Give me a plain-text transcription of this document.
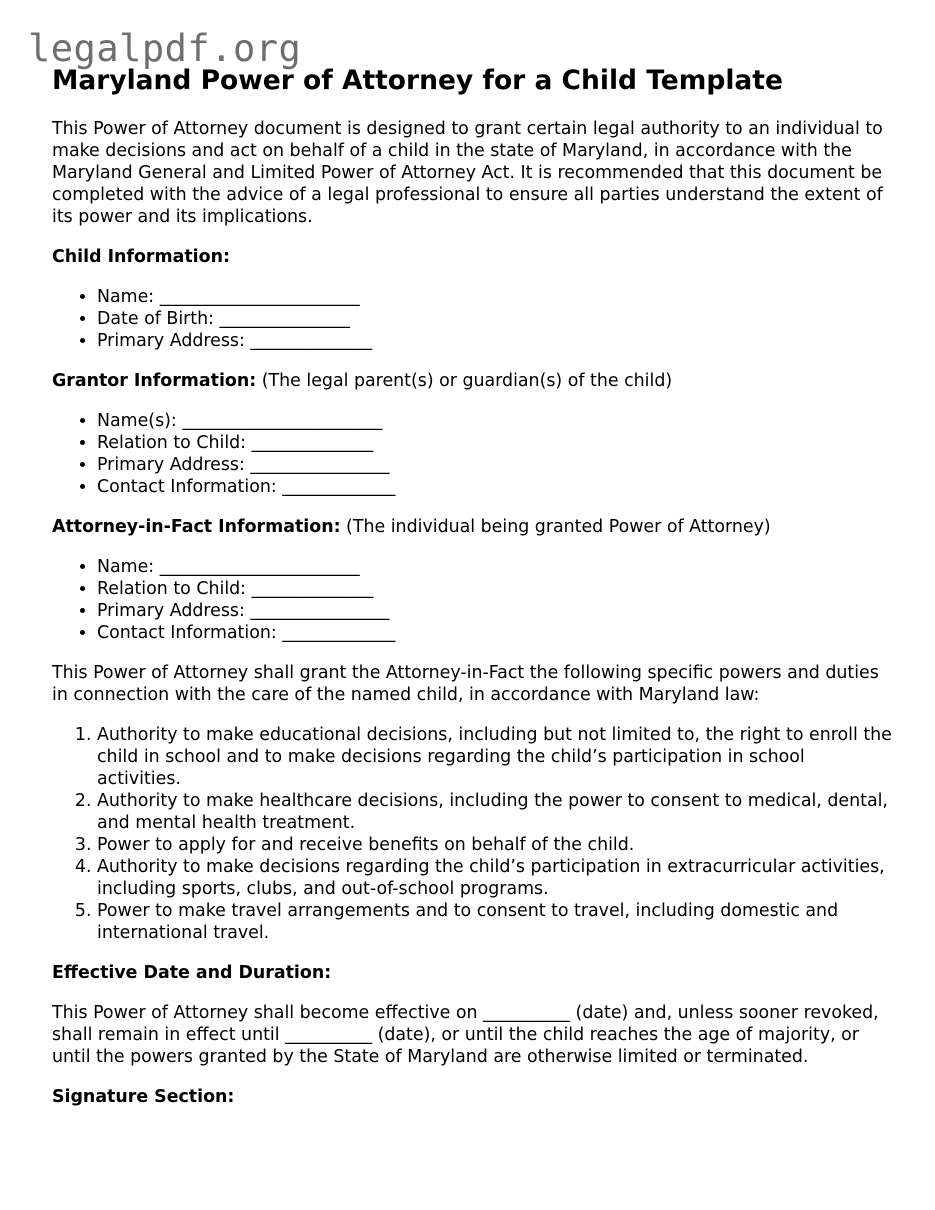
legalpdf.org
Maryland Power of Attorney for a Child Template

This Power of Attorney document is designed to grant certain legal authority to an individual to make decisions and act on behalf of a child in the state of Maryland, in accordance with the Maryland General and Limited Power of Attorney Act. It is recommended that this document be completed with the advice of a legal professional to ensure all parties understand the extent of its power and its implications.

Child Information:

• Name: _______________________
• Date of Birth: _______________
• Primary Address: ______________

Grantor Information: (The legal parent(s) or guardian(s) of the child)

• Name(s): _______________________
• Relation to Child: ______________
• Primary Address: ________________
• Contact Information: _____________

Attorney-in-Fact Information: (The individual being granted Power of Attorney)

• Name: _______________________
• Relation to Child: ______________
• Primary Address: ________________
• Contact Information: _____________

This Power of Attorney shall grant the Attorney-in-Fact the following specific powers and duties in connection with the care of the named child, in accordance with Maryland law:

1. Authority to make educational decisions, including but not limited to, the right to enroll the child in school and to make decisions regarding the child’s participation in school activities.
2. Authority to make healthcare decisions, including the power to consent to medical, dental, and mental health treatment.
3. Power to apply for and receive benefits on behalf of the child.
4. Authority to make decisions regarding the child’s participation in extracurricular activities, including sports, clubs, and out-of-school programs.
5. Power to make travel arrangements and to consent to travel, including domestic and international travel.

Effective Date and Duration:

This Power of Attorney shall become effective on __________ (date) and, unless sooner revoked, shall remain in effect until __________ (date), or until the child reaches the age of majority, or until the powers granted by the State of Maryland are otherwise limited or terminated.

Signature Section:
